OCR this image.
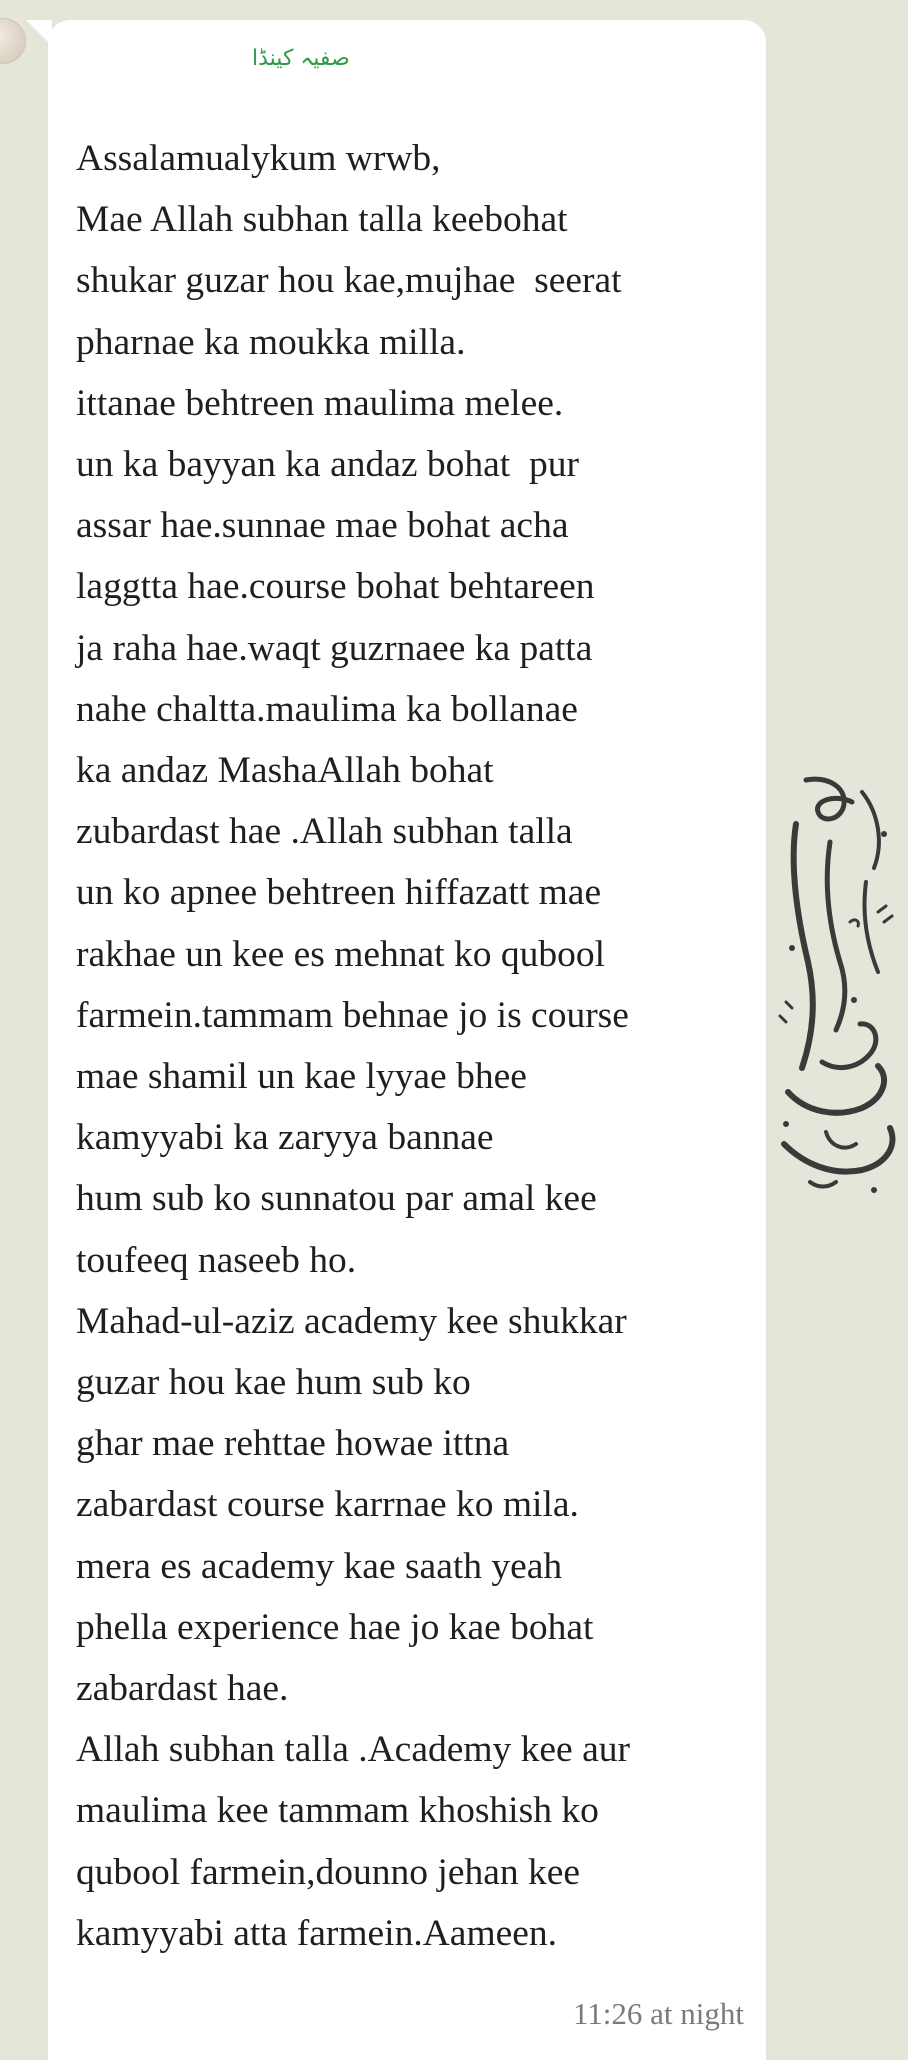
صفیہ کینڈا

Assalamualykum wrwb,
Mae Allah subhan talla keebohat
shukar guzar hou kae,mujhae  seerat
pharnae ka moukka milla.
ittanae behtreen maulima melee.
un ka bayyan ka andaz bohat  pur
assar hae.sunnae mae bohat acha
laggtta hae.course bohat behtareen
ja raha hae.waqt guzrnaee ka patta
nahe chaltta.maulima ka bollanae
ka andaz MashaAllah bohat
zubardast hae .Allah subhan talla
un ko apnee behtreen hiffazatt mae
rakhae un kee es mehnat ko qubool
farmein.tammam behnae jo is course
mae shamil un kae lyyae bhee
kamyyabi ka zaryya bannae
hum sub ko sunnatou par amal kee
toufeeq naseeb ho.
Mahad-ul-aziz academy kee shukkar
guzar hou kae hum sub ko
ghar mae rehttae howae ittna
zabardast course karrnae ko mila.
mera es academy kae saath yeah
phella experience hae jo kae bohat
zabardast hae.
Allah subhan talla .Academy kee aur
maulima kee tammam khoshish ko
qubool farmein,dounno jehan kee
kamyyabi atta farmein.Aameen.

11:26 at night
